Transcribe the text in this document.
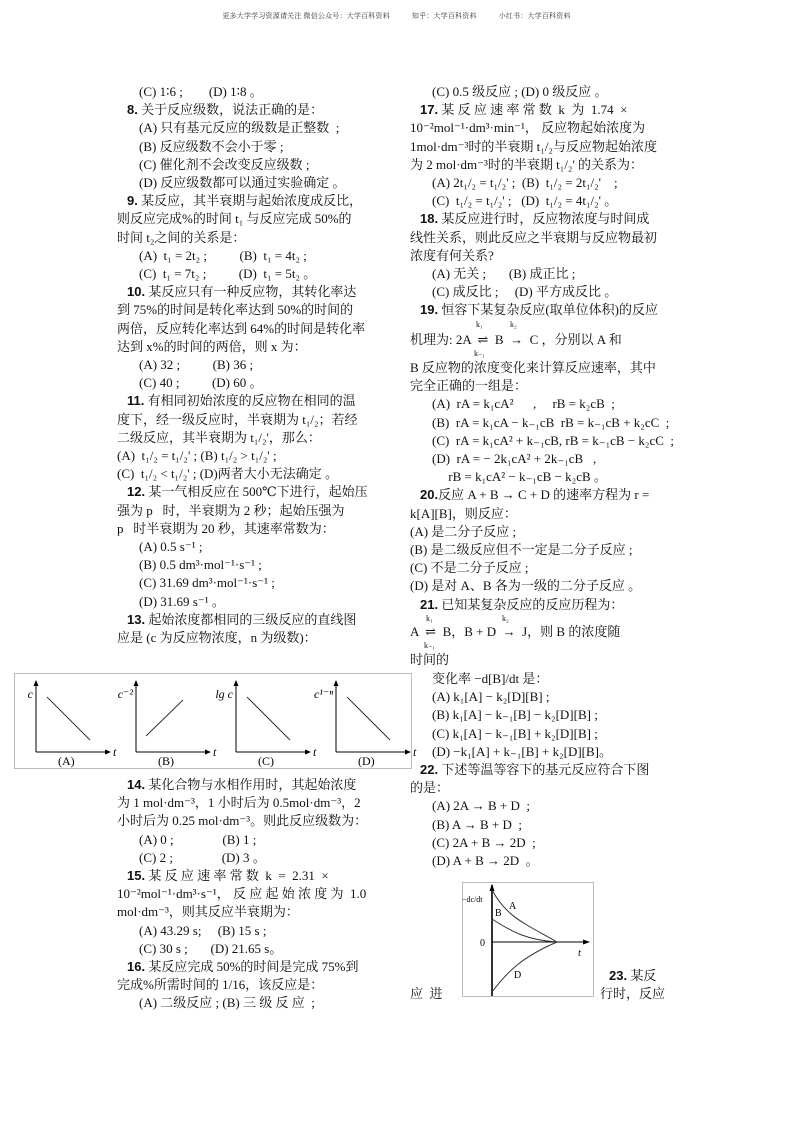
更多大学学习资源请关注 微信公众号：大学百科资料	知乎：大学百科资料	小红书：大学百科资料
(C) 1∶6 ;        (D) 1∶8 。
8. 关于反应级数，说法正确的是：
(A) 只有基元反应的级数是正整数  ;
(B) 反应级数不会小于零 ;
(C) 催化剂不会改变反应级数 ;
(D) 反应级数都可以通过实验确定 。
9. 某反应，其半衰期与起始浓度成反比，
则反应完成%的时间 t₁ 与反应完成 50%的
时间 t₂之间的关系是：
(A)  t₁ = 2t₂ ;          (B)  t₁ = 4t₂ ;
(C)  t₁ = 7t₂ ;          (D)  t₁ = 5t₂ 。
10. 某反应只有一种反应物，其转化率达
到 75%的时间是转化率达到 50%的时间的
两倍，反应转化率达到 64%的时间是转化率
达到 x%的时间的两倍，则 x 为：
(A) 32 ;          (B) 36 ;
(C) 40 ;          (D) 60 。
11. 有相同初始浓度的反应物在相同的温
度下，经一级反应时，半衰期为 t₁/₂；若经
二级反应，其半衰期为 t₁/₂'，那么：
(A)  t₁/₂ = t₁/₂' ; (B) t₁/₂ > t₁/₂' ;
(C)  t₁/₂ < t₁/₂' ; (D)两者大小无法确定 。
12. 某一气相反应在 500℃下进行，起始压
强为 p   时，半衰期为 2 秒；起始压强为
p   时半衰期为 20 秒，其速率常数为：
(A) 0.5 s⁻¹ ;
(B) 0.5 dm³·mol⁻¹·s⁻¹ ;
(C) 31.69 dm³·mol⁻¹·s⁻¹ ;
(D) 31.69 s⁻¹ 。
13. 起始浓度都相同的三级反应的直线图
应是 (c 为反应物浓度，n 为级数)：
14. 某化合物与水相作用时，其起始浓度
为 1 mol·dm⁻³，1 小时后为 0.5mol·dm⁻³，2
小时后为 0.25 mol·dm⁻³。则此反应级数为：
(A) 0 ;               (B) 1 ;
(C) 2 ;               (D) 3 。
15. 某 反 应 速 率 常 数  k  =  2.31  ×
10⁻²mol⁻¹·dm³·s⁻¹， 反 应 起 始 浓 度 为  1.0
mol·dm⁻³，则其反应半衰期为：
(A) 43.29 s;     (B) 15 s ;
(C) 30 s ;       (D) 21.65 s。
16. 某反应完成 50%的时间是完成 75%到
完成%所需时间的 1/16，该反应是：
(A) 二级反应 ; (B) 三 级 反 应  ;
(C) 0.5 级反应 ; (D) 0 级反应 。
17. 某 反 应 速 率 常 数  k  为  1.74  ×
10⁻²mol⁻¹·dm³·min⁻¹， 反应物起始浓度为
1mol·dm⁻³时的半衰期 t₁/₂与反应物起始浓度
为 2 mol·dm⁻³时的半衰期 t₁/₂' 的关系为：
(A) 2t₁/₂ = t₁/₂' ;  (B)  t₁/₂ = 2t₁/₂'    ;
(C)  t₁/₂ = t₁/₂' ;   (D)  t₁/₂ = 4t₁/₂' 。
18. 某反应进行时，反应物浓度与时间成
线性关系，则此反应之半衰期与反应物最初
浓度有何关系?
(A) 无关 ;       (B) 成正比 ;
(C) 成反比 ;     (D) 平方成反比 。
19. 恒容下某复杂反应(取单位体积)的反应
B 反应物的浓度变化来计算反应速率，其中
完全正确的一组是：
(A)  rA = k₁cA²      ,     rB = k₂cB  ;
(B)  rA = k₁cA − k₋₁cB  rB = k₋₁cB + k₂cC  ;
(C)  rA = k₁cA² + k₋₁cB, rB = k₋₁cB − k₂cC  ;
(D)  rA = − 2k₁cA² + 2k₋₁cB   ,
rB = k₁cA² − k₋₁cB − k₂cB 。
20.反应 A + B → C + D 的速率方程为 r =
k[A][B]，则反应：
(A) 是二分子反应 ;
(B) 是二级反应但不一定是二分子反应 ;
(C) 不是二分子反应 ;
(D) 是对 A、B 各为一级的二分子反应 。
21. 已知某复杂反应的反应历程为：
变化率 −d[B]/dt 是：
(A) k₁[A] − k₂[D][B] ;
(B) k₁[A] − k₋₁[B] − k₂[D][B] ;
(C) k₁[A] − k₋₁[B] + k₂[D][B] ;
(D) −k₁[A] + k₋₁[B] + k₂[D][B]。
22. 下述等温等容下的基元反应符合下图
的是：
(A) 2A → B + D  ;
(B) A → B + D  ;
(C) 2A + B → 2D  ;
(D) A + B → 2D  。
机理为: 2A  ⇌  B  →  C ，分别以 A 和
k₁
k₋₁
k₂
A  ⇌  B，B + D  →  J，则 B 的浓度随
k₁
k₋₁
k₂
时间的
c
t
(A)
c⁻²
t
(B)
lg c
t
(C)
c¹⁻ⁿ
t
(D)
−dc/dt
0
t
A
B
D
应  进
23. 某反
行时，反应
